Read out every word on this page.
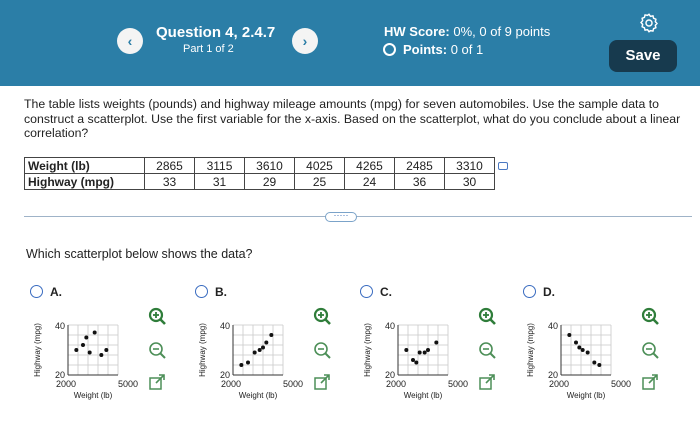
‹	Question 4, 2.4.7
Part 1 of 2	›
HW Score: 0%, 0 of 9 points
Points:
0 of 1	Save
The table lists weights (pounds) and highway mileage amounts (mpg) for seven automobiles. Use the sample data to construct a scatterplot. Use the first variable for the x-axis. Based on the scatterplot, what do you conclude about a linear correlation?
Weight (lb)	2865	3115	3610	4025	4265	2485	3310
Highway (mpg)	33	31	29	25	24	36	30
·····
Which scatterplot below shows the data?
A.
40
20
2000	5000
Weight (lb)
Highway (mpg)
B.
40
20
2000	5000
Weight (lb)
Highway (mpg)
C.
40
20
2000	5000
Weight (lb)
Highway (mpg)
D.
40
20
2000	5000
Weight (lb)
Highway (mpg)
